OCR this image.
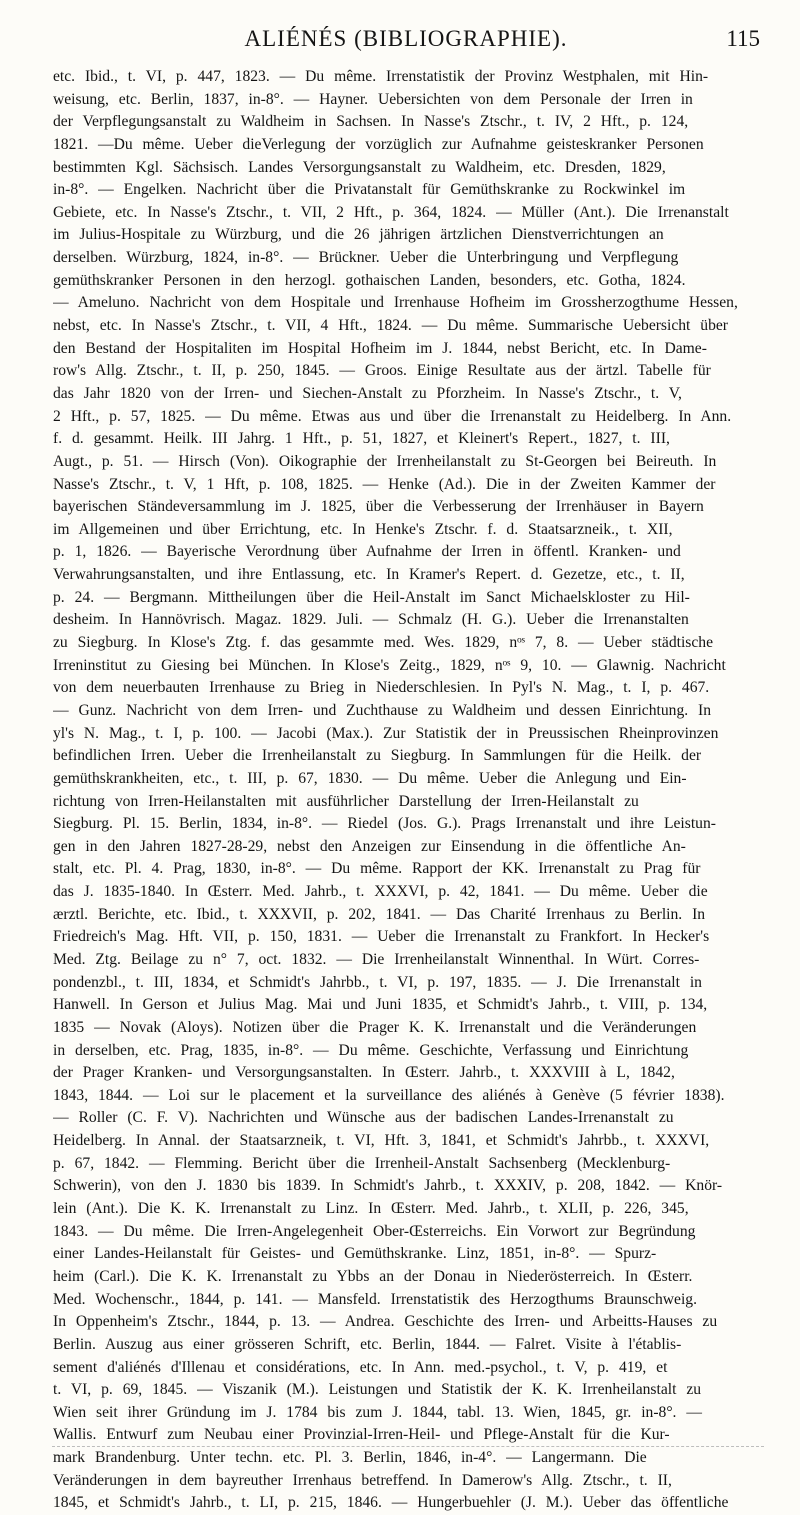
ALIÉNÉS (BIBLIOGRAPHIE).	115
etc. Ibid., t. VI, p. 447, 1823. — Du même. Irrenstatistik der Provinz Westphalen, mit Hin-
weisung, etc. Berlin, 1837, in-8°. — Hayner. Uebersichten von dem Personale der Irren in
der Verpflegungsanstalt zu Waldheim in Sachsen. In Nasse's Ztschr., t. IV, 2 Hft., p. 124,
1821. —Du même. Ueber dieVerlegung der vorzüglich zur Aufnahme geisteskranker Personen
bestimmten Kgl. Sächsisch. Landes Versorgungsanstalt zu Waldheim, etc. Dresden, 1829,
in-8°. — Engelken. Nachricht über die Privatanstalt für Gemüthskranke zu Rockwinkel im
Gebiete, etc. In Nasse's Ztschr., t. VII, 2 Hft., p. 364, 1824. — Müller (Ant.). Die Irrenanstalt
im Julius-Hospitale zu Würzburg, und die 26 jährigen ärtzlichen Dienstverrichtungen an
derselben. Würzburg, 1824, in-8°. — Brückner. Ueber die Unterbringung und Verpflegung
gemüthskranker Personen in den herzogl. gothaischen Landen, besonders, etc. Gotha, 1824.
— Ameluno. Nachricht von dem Hospitale und Irrenhause Hofheim im Grossherzogthume Hessen,
nebst, etc. In Nasse's Ztschr., t. VII, 4 Hft., 1824. — Du même. Summarische Uebersicht über
den Bestand der Hospitaliten im Hospital Hofheim im J. 1844, nebst Bericht, etc. In Dame-
row's Allg. Ztschr., t. II, p. 250, 1845. — Groos. Einige Resultate aus der ärtzl. Tabelle für
das Jahr 1820 von der Irren- und Siechen-Anstalt zu Pforzheim. In Nasse's Ztschr., t. V,
2 Hft., p. 57, 1825. — Du même. Etwas aus und über die Irrenanstalt zu Heidelberg. In Ann.
f. d. gesammt. Heilk. III Jahrg. 1 Hft., p. 51, 1827, et Kleinert's Repert., 1827, t. III,
Augt., p. 51. — Hirsch (Von). Oikographie der Irrenheilanstalt zu St-Georgen bei Beireuth. In
Nasse's Ztschr., t. V, 1 Hft, p. 108, 1825. — Henke (Ad.). Die in der Zweiten Kammer der
bayerischen Ständeversammlung im J. 1825, über die Verbesserung der Irrenhäuser in Bayern
im Allgemeinen und über Errichtung, etc. In Henke's Ztschr. f. d. Staatsarzneik., t. XII,
p. 1, 1826. — Bayerische Verordnung über Aufnahme der Irren in öffentl. Kranken- und
Verwahrungsanstalten, und ihre Entlassung, etc. In Kramer's Repert. d. Gezetze, etc., t. II,
p. 24. — Bergmann. Mittheilungen über die Heil-Anstalt im Sanct Michaelskloster zu Hil-
desheim. In Hannövrisch. Magaz. 1829. Juli. — Schmalz (H. G.). Ueber die Irrenanstalten
zu Siegburg. In Klose's Ztg. f. das gesammte med. Wes. 1829, nᵒˢ 7, 8. — Ueber städtische
Irreninstitut zu Giesing bei München. In Klose's Zeitg., 1829, nᵒˢ 9, 10. — Glawnig. Nachricht
von dem neuerbauten Irrenhause zu Brieg in Niederschlesien. In Pyl's N. Mag., t. I, p. 467.
— Gunz. Nachricht von dem Irren- und Zuchthause zu Waldheim und dessen Einrichtung. In
yl's N. Mag., t. I, p. 100. — Jacobi (Max.). Zur Statistik der in Preussischen Rheinprovinzen
befindlichen Irren. Ueber die Irrenheilanstalt zu Siegburg. In Sammlungen für die Heilk. der
gemüthskrankheiten, etc., t. III, p. 67, 1830. — Du même. Ueber die Anlegung und Ein-
richtung von Irren-Heilanstalten mit ausführlicher Darstellung der Irren-Heilanstalt zu
Siegburg. Pl. 15. Berlin, 1834, in-8°. — Riedel (Jos. G.). Prags Irrenanstalt und ihre Leistun-
gen in den Jahren 1827-28-29, nebst den Anzeigen zur Einsendung in die öffentliche An-
stalt, etc. Pl. 4. Prag, 1830, in-8°. — Du même. Rapport der KK. Irrenanstalt zu Prag für
das J. 1835-1840. In Œsterr. Med. Jahrb., t. XXXVI, p. 42, 1841. — Du même. Ueber die
ærztl. Berichte, etc. Ibid., t. XXXVII, p. 202, 1841. — Das Charité Irrenhaus zu Berlin. In
Friedreich's Mag. Hft. VII, p. 150, 1831. — Ueber die Irrenanstalt zu Frankfort. In Hecker's
Med. Ztg. Beilage zu n° 7, oct. 1832. — Die Irrenheilanstalt Winnenthal. In Würt. Corres-
pondenzbl., t. III, 1834, et Schmidt's Jahrbb., t. VI, p. 197, 1835. — J. Die Irrenanstalt in
Hanwell. In Gerson et Julius Mag. Mai und Juni 1835, et Schmidt's Jahrb., t. VIII, p. 134,
1835 — Novak (Aloys). Notizen über die Prager K. K. Irrenanstalt und die Veränderungen
in derselben, etc. Prag, 1835, in-8°. — Du même. Geschichte, Verfassung und Einrichtung
der Prager Kranken- und Versorgungsanstalten. In Œsterr. Jahrb., t. XXXVIII à L, 1842,
1843, 1844. — Loi sur le placement et la surveillance des aliénés à Genève (5 février 1838).
— Roller (C. F. V). Nachrichten und Wünsche aus der badischen Landes-Irrenanstalt zu
Heidelberg. In Annal. der Staatsarzneik, t. VI, Hft. 3, 1841, et Schmidt's Jahrbb., t. XXXVI,
p. 67, 1842. — Flemming. Bericht über die Irrenheil-Anstalt Sachsenberg (Mecklenburg-
Schwerin), von den J. 1830 bis 1839. In Schmidt's Jahrb., t. XXXIV, p. 208, 1842. — Knör-
lein (Ant.). Die K. K. Irrenanstalt zu Linz. In Œsterr. Med. Jahrb., t. XLII, p. 226, 345,
1843. — Du même. Die Irren-Angelegenheit Ober-Œsterreichs. Ein Vorwort zur Begründung
einer Landes-Heilanstalt für Geistes- und Gemüthskranke. Linz, 1851, in-8°. — Spurz-
heim (Carl.). Die K. K. Irrenanstalt zu Ybbs an der Donau in Niederösterreich. In Œsterr.
Med. Wochenschr., 1844, p. 141. — Mansfeld. Irrenstatistik des Herzogthums Braunschweig.
In Oppenheim's Ztschr., 1844, p. 13. — Andrea. Geschichte des Irren- und Arbeitts-Hauses zu
Berlin. Auszug aus einer grösseren Schrift, etc. Berlin, 1844. — Falret. Visite à l'établis-
sement d'aliénés d'Illenau et considérations, etc. In Ann. med.-psychol., t. V, p. 419, et
t. VI, p. 69, 1845. — Viszanik (M.). Leistungen und Statistik der K. K. Irrenheilanstalt zu
Wien seit ihrer Gründung im J. 1784 bis zum J. 1844, tabl. 13. Wien, 1845, gr. in-8°. —
Wallis. Entwurf zum Neubau einer Provinzial-Irren-Heil- und Pflege-Anstalt für die Kur-
mark Brandenburg. Unter techn. etc. Pl. 3. Berlin, 1846, in-4°. — Langermann. Die
Veränderungen in dem bayreuther Irrenhaus betreffend. In Damerow's Allg. Ztschr., t. II,
1845, et Schmidt's Jahrb., t. LI, p. 215, 1846. — Hungerbuehler (J. M.). Ueber das öffentliche
